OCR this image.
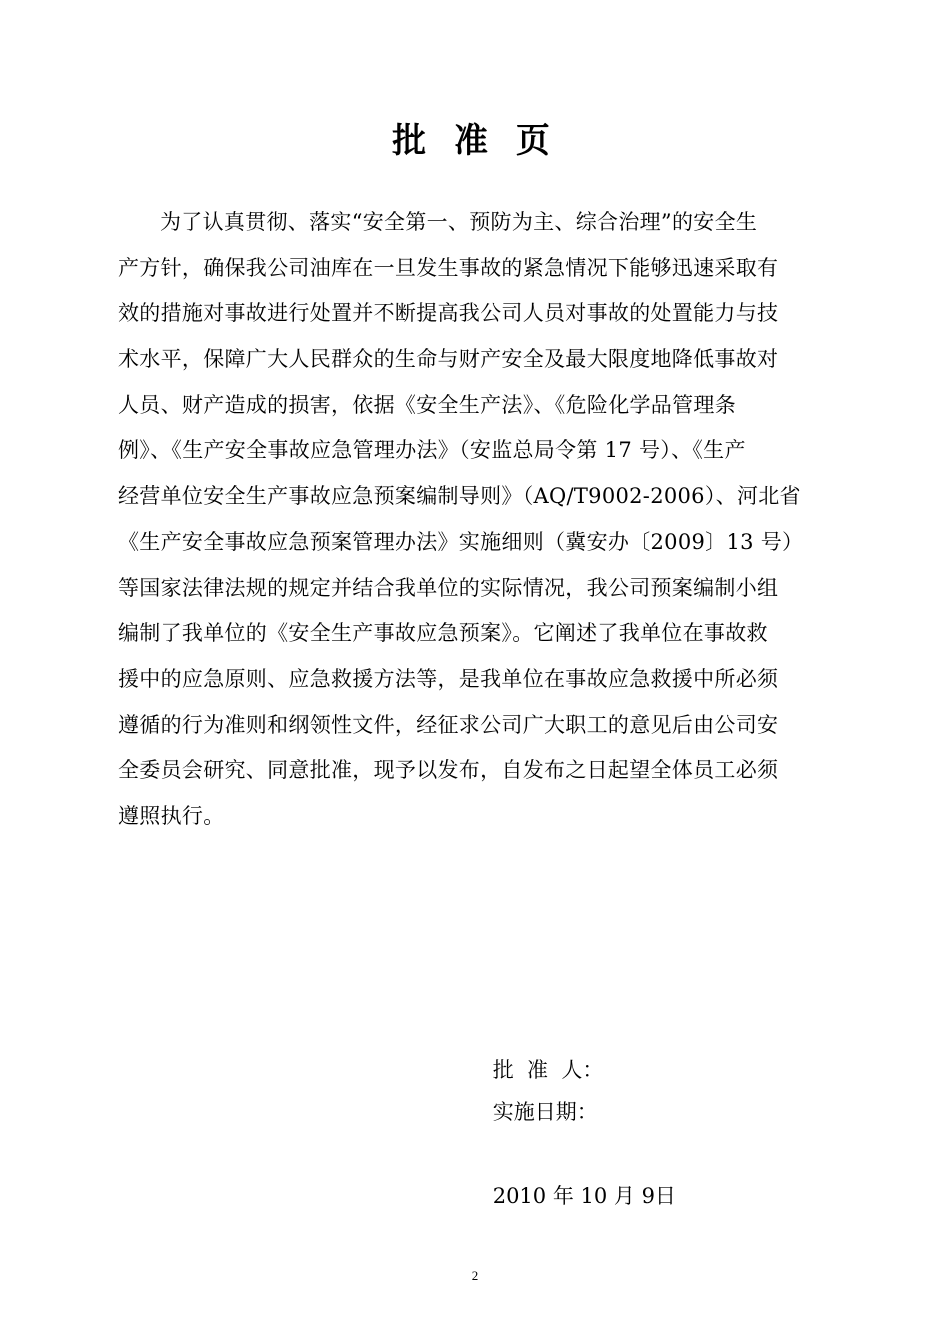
批 准 页
为了认真贯彻、落实“安全第一、预防为主、综合治理”的安全生
产方针，确保我公司油库在一旦发生事故的紧急情况下能够迅速采取有
效的措施对事故进行处置并不断提高我公司人员对事故的处置能力与技
术水平，保障广大人民群众的生命与财产安全及最大限度地降低事故对
人员、财产造成的损害，依据《安全生产法》、《危险化学品管理条
例》、《生产安全事故应急管理办法》（安监总局令第 17 号）、《生产
经营单位安全生产事故应急预案编制导则》（AQ/T9002-2006）、河北省
《生产安全事故应急预案管理办法》实施细则（冀安办〔2009〕13 号）
等国家法律法规的规定并结合我单位的实际情况，我公司预案编制小组
编制了我单位的《安全生产事故应急预案》。它阐述了我单位在事故救
援中的应急原则、应急救援方法等，是我单位在事故应急救援中所必须
遵循的行为准则和纲领性文件，经征求公司广大职工的意见后由公司安
全委员会研究、同意批准，现予以发布，自发布之日起望全体员工必须
遵照执行。

批  准  人：

实施日期：

2010 年 10 月 9日

2
